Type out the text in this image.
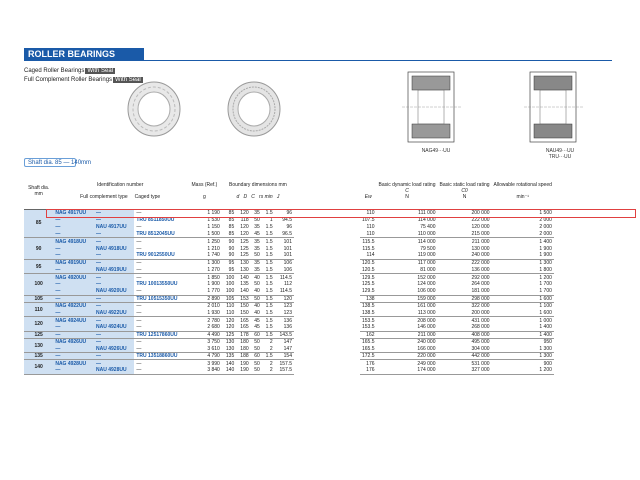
ROLLER BEARINGS
Caged Roller Bearings With Seal
Full Complement Roller Bearings With Seal
NAG49···UU	NAU49···UU
TRU···UU
Shaft dia. 85 — 140mm
Shaft dia.
mm	Identification number

Full complement type Caged type			Mass (Ref.)

g	Boundary dimensions mm

d D C rs min J				
85	NAG 4917UU	—	—	1 190	85	120	35	1.5	96
	—	—	TRU 8511850UU	1 530	85	118	50	1	94.5
	—	NAU 4917UU	—	1 150	85	120	35	1.5	96
	—	—	TRU 8512045UU	1 500	85	120	45	1.5	96.5
90	NAG 4918UU	—	—	1 250	90	125	35	1.5	101
	—	NAU 4918UU	—	1 210	90	125	35	1.5	101
	—	—	TRU 9012550UU	1 740	90	125	50	1.5	101
95	NAG 4919UU	—	—	1 300	95	130	35	1.5	106
	—	NAU 4919UU	—	1 270	95	130	35	1.5	106
100	NAG 4920UU	—	—	1 850	100	140	40	1.5	114.5
	—	—	TRU 10013550UU	1 900	100	135	50	1.5	112
	—	NAU 4920UU	—	1 770	100	140	40	1.5	114.5
105	—	—	TRU 10515350UU	2 890	105	153	50	1.5	120
110	NAG 4922UU	—	—	2 010	110	150	40	1.5	123
	—	NAU 4922UU	—	1 930	110	150	40	1.5	123
120	NAG 4924UU	—	—	2 780	120	165	45	1.5	136
	—	NAU 4924UU	—	2 680	120	165	45	1.5	136
125	—	—	TRU 12517860UU	4 490	125	178	60	1.5	143.5
130	NAG 4926UU	—	—	3 750	130	180	50	2	147
	—	NAU 4926UU	—	3 610	130	180	50	2	147
135	—	—	TRU 13518860UU	4 790	135	188	60	1.5	154
140	NAG 4928UU	—	—	3 990	140	190	50	2	157.5
	—	NAU 4928UU	—	3 840	140	190	50	2	157.5

Ew	Basic dynamic load rating
C
N	Basic static load rating
C0
N	Allowable rotational speed

min⁻¹
110	111 000	200 000	1 500
107.5	114 000	222 000	2 000
110	75 400	120 000	2 000
110	110 000	215 000	2 000
115.5	114 000	211 000	1 400
115.5	79 500	130 000	1 900
114	119 000	240 000	1 900
120.5	117 000	222 000	1 300
120.5	81 000	136 000	1 800
129.5	152 000	292 000	1 200
125.5	124 000	264 000	1 700
129.5	106 000	181 000	1 700
138	159 000	298 000	1 600
138.5	161 000	322 000	1 100
138.5	113 000	200 000	1 600
153.5	208 000	431 000	1 000
153.5	146 000	268 000	1 400
162	211 000	408 000	1 400
165.5	240 000	495 000	950
165.5	166 000	304 000	1 300
172.5	220 000	442 000	1 300
176	249 000	531 000	900
176	174 000	327 000	1 200
